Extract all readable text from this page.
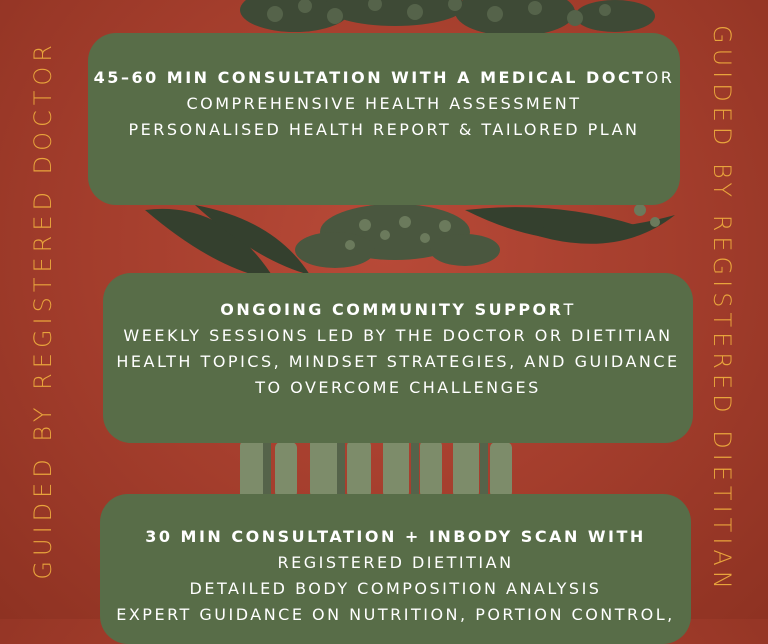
GUIDED BY REGISTERED DOCTOR	GUIDED BY REGISTERED DIETITIAN
45–60 MIN CONSULTATION WITH A MEDICAL DOCTOR
COMPREHENSIVE HEALTH ASSESSMENT
PERSONALISED HEALTH REPORT & TAILORED PLAN
ONGOING COMMUNITY SUPPORT
WEEKLY SESSIONS LED BY THE DOCTOR OR DIETITIAN
HEALTH TOPICS, MINDSET STRATEGIES, AND GUIDANCE TO OVERCOME CHALLENGES
30 MIN CONSULTATION + INBODY SCAN WITH
REGISTERED DIETITIAN
DETAILED BODY COMPOSITION ANALYSIS
EXPERT GUIDANCE ON NUTRITION, PORTION CONTROL,
